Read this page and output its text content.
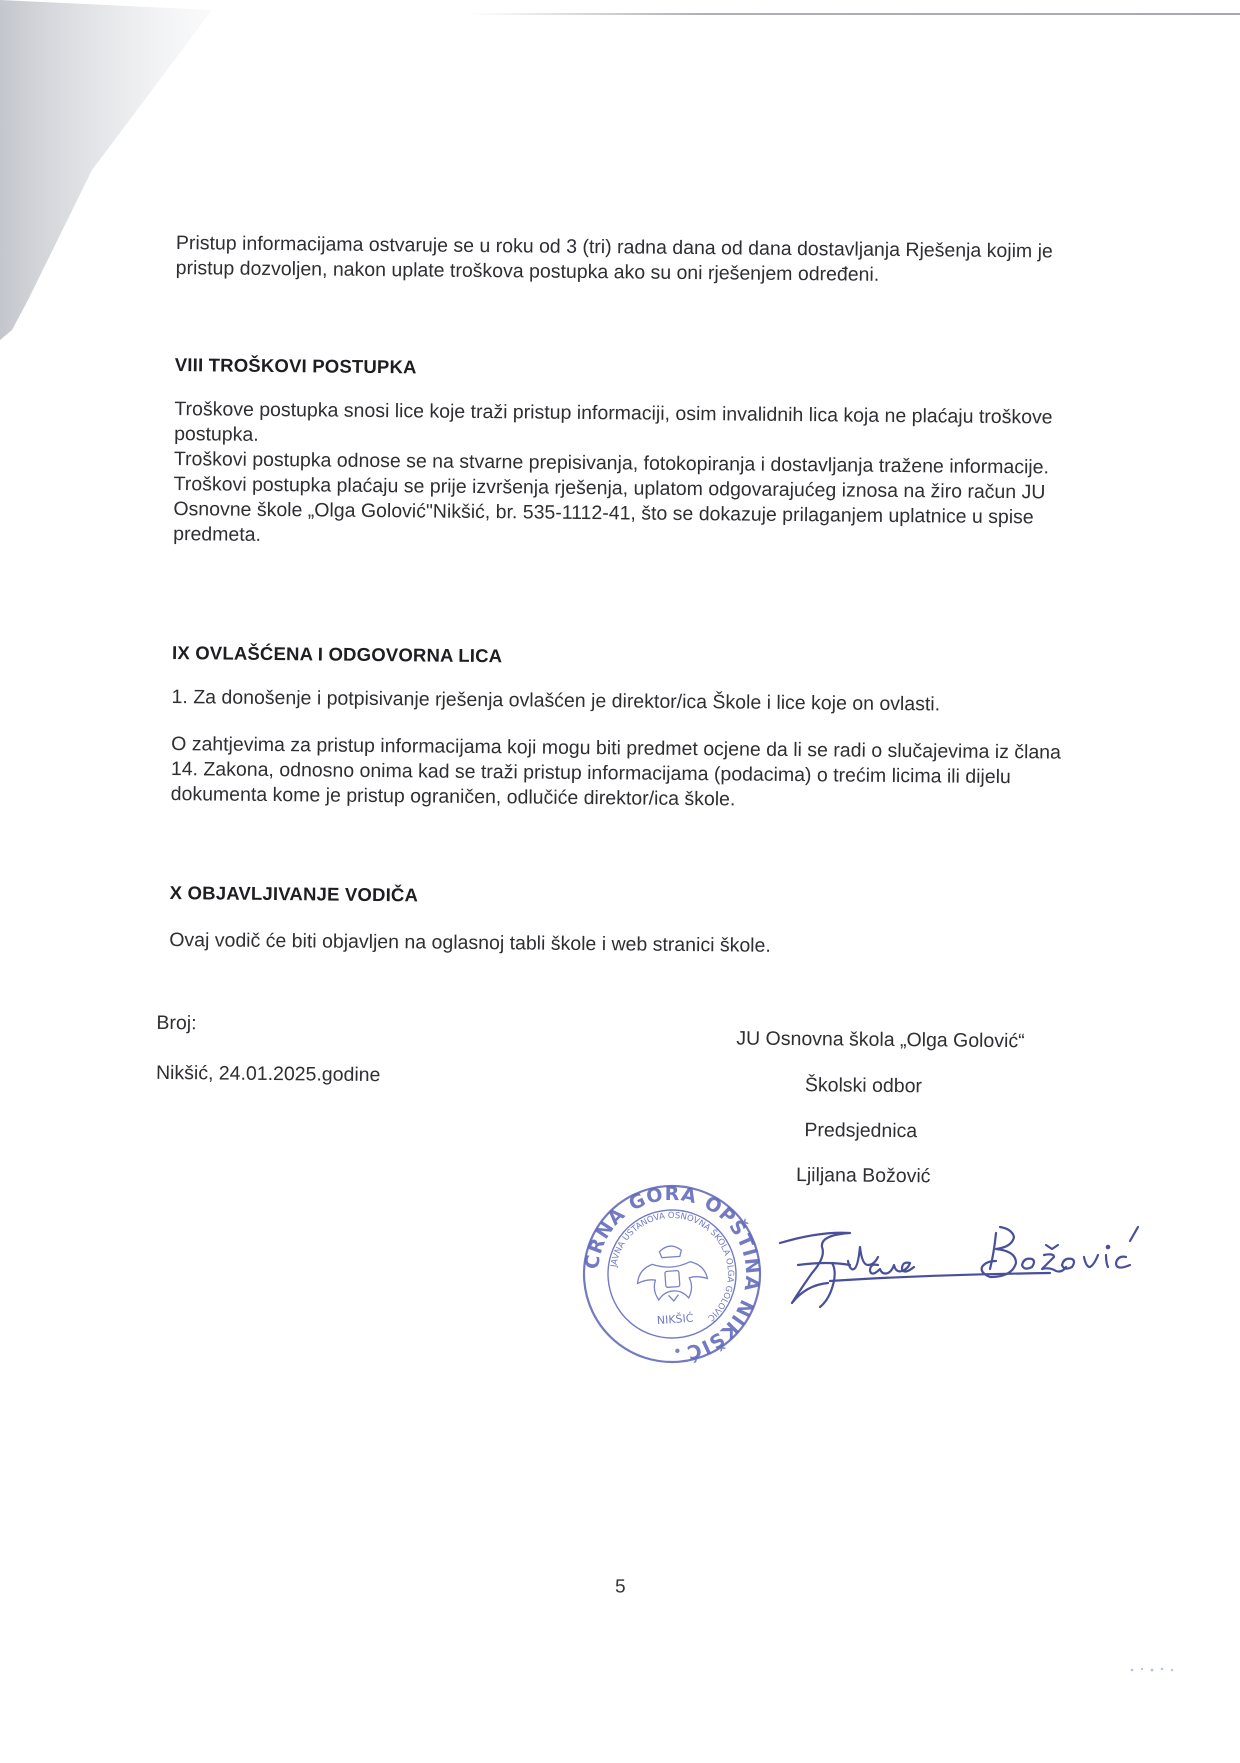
Pristup informacijama ostvaruje se u roku od 3 (tri) radna dana od dana dostavljanja Rješenja kojim je

pristup dozvoljen, nakon uplate troškova postupka ako su oni rješenjem određeni.

VIII TROŠKOVI POSTUPKA

Troškove postupka snosi lice koje traži pristup informaciji, osim invalidnih lica koja ne plaćaju troškove

postupka.

Troškovi postupka odnose se na stvarne prepisivanja, fotokopiranja i dostavljanja tražene informacije.

Troškovi postupka plaćaju se prije izvršenja rješenja, uplatom odgovarajućeg iznosa na žiro račun JU

Osnovne škole „Olga Golović"Nikšić, br. 535-1112-41, što se dokazuje prilaganjem uplatnice u spise

predmeta.

IX OVLAŠĆENA I ODGOVORNA LICA

1. Za donošenje i potpisivanje rješenja ovlašćen je direktor/ica Škole i lice koje on ovlasti.

O zahtjevima za pristup informacijama koji mogu biti predmet ocjene da li se radi o slučajevima iz člana

14. Zakona, odnosno onima kad se traži pristup informacijama (podacima) o trećim licima ili dijelu

dokumenta kome je pristup ograničen, odlučiće direktor/ica škole.

X OBJAVLJIVANJE VODIČA

Ovaj vodič će biti objavljen na oglasnoj tabli škole i web stranici škole.

Broj:
Nikšić, 24.01.2025.godine
JU Osnovna škola „Olga Golović“
Školski odbor
Predsjednica
Ljiljana Božović
5
CRNA GORA OPŠTINA NIKŠIĆ
JAVNA USTANOVA OSNOVNA ŠKOLA OLGA GOLOVIĆ
NIKŠIĆ
